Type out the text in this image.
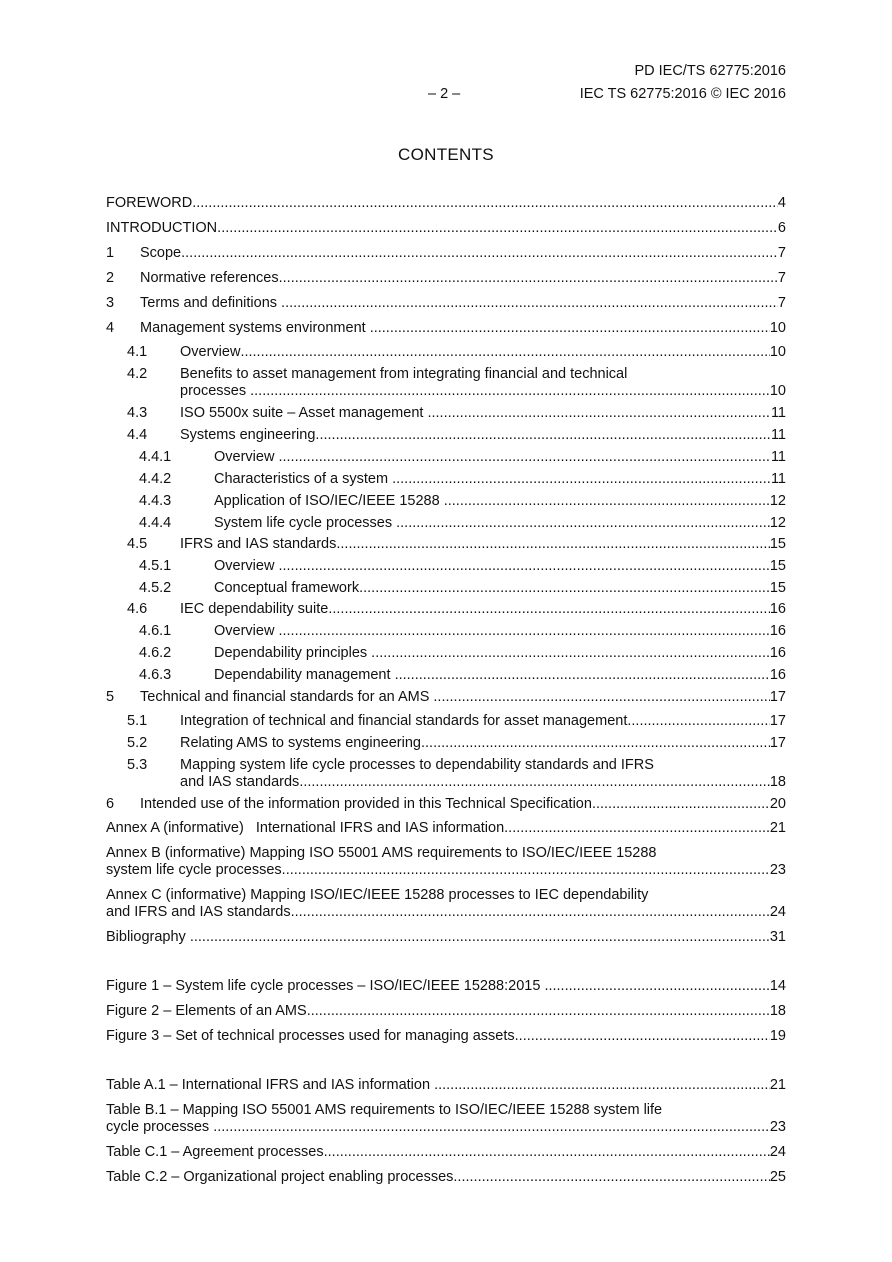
PD IEC/TS 62775:2016
– 2 –	IEC TS 62775:2016 © IEC 2016
CONTENTS
FOREWORD .....	4
INTRODUCTION .....	6
1 Scope .....	7
2 Normative references .....	7
3 Terms and definitions .....	7
4 Management systems environment .....	10
4.1 Overview .....	10
4.2	Benefits to asset management from integrating financial and technical
processes .....	10
4.3 ISO 5500x suite – Asset management .....	11
4.4 Systems engineering .....	11
4.4.1	Overview .....	11
4.4.2	Characteristics of a system .....	11
4.4.3	Application of ISO/IEC/IEEE 15288 .....	12
4.4.4	System life cycle processes .....	12
4.5 IFRS and IAS standards .....	15
4.5.1	Overview .....	15
4.5.2	Conceptual framework .....	15
4.6 IEC dependability suite .....	16
4.6.1	Overview .....	16
4.6.2	Dependability principles .....	16
4.6.3	Dependability management .....	16
5 Technical and financial standards for an AMS .....	17
5.1 Integration of technical and financial standards for asset management .....	17
5.2 Relating AMS to systems engineering .....	17
5.3	Mapping system life cycle processes to dependability standards and IFRS
and IAS standards .....	18
6 Intended use of the information provided in this Technical Specification .....	20
Annex A (informative)   International IFRS and IAS information .....	21
Annex B (informative) Mapping ISO 55001 AMS requirements to ISO/IEC/IEEE 15288
system life cycle processes .....	23
Annex C (informative) Mapping ISO/IEC/IEEE 15288 processes to IEC dependability
and IFRS and IAS standards .....	24
Bibliography .....	31
Figure 1 – System life cycle processes – ISO/IEC/IEEE 15288:2015 .....	14
Figure 2 – Elements of an AMS .....	18
Figure 3 – Set of technical processes used for managing assets .....	19
Table A.1 – International IFRS and IAS information .....	21
Table B.1 – Mapping ISO 55001 AMS requirements to ISO/IEC/IEEE 15288 system life
cycle processes .....	23
Table C.1 – Agreement processes .....	24
Table C.2 – Organizational project enabling processes .....	25
